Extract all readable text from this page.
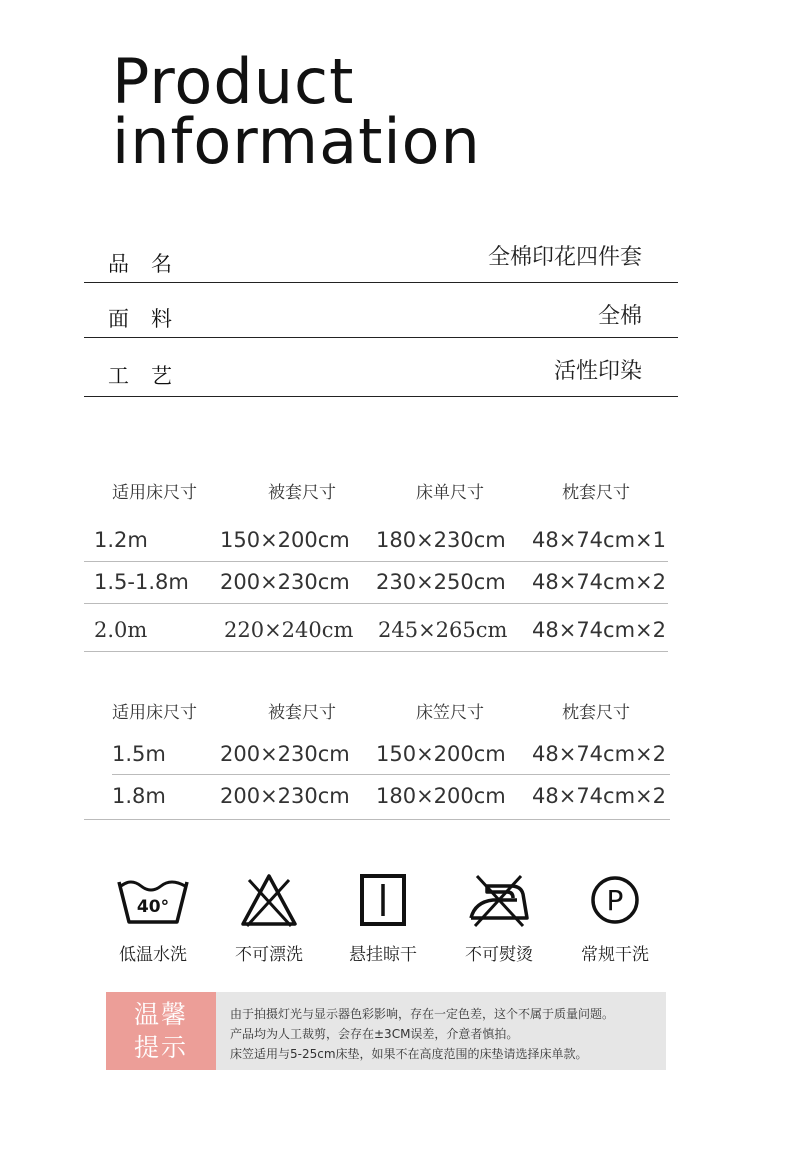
Product
information
品名	全棉印花四件套
面料	全棉
工艺	活性印染
适用床尺寸	被套尺寸	床单尺寸	枕套尺寸
1.2m	150×200cm 180×230cm 48×74cm×1
1.5-1.8m 200×230cm 230×250cm 48×74cm×2
2.0m	220×240cm 245×265cm 48×74cm×2
适用床尺寸	被套尺寸	床笠尺寸	枕套尺寸
1.5m	200×230cm 150×200cm 48×74cm×2
1.8m	200×230cm 180×200cm 48×74cm×2
40°
低温水洗	不可漂洗	悬挂晾干	不可熨烫
P
常规干洗
温馨
提示
由于拍摄灯光与显示器色彩影响，存在一定色差，这个不属于质量问题。
产品均为人工裁剪，会存在±3CM误差，介意者慎拍。
床笠适用与5-25cm床垫，如果不在高度范围的床垫请选择床单款。
